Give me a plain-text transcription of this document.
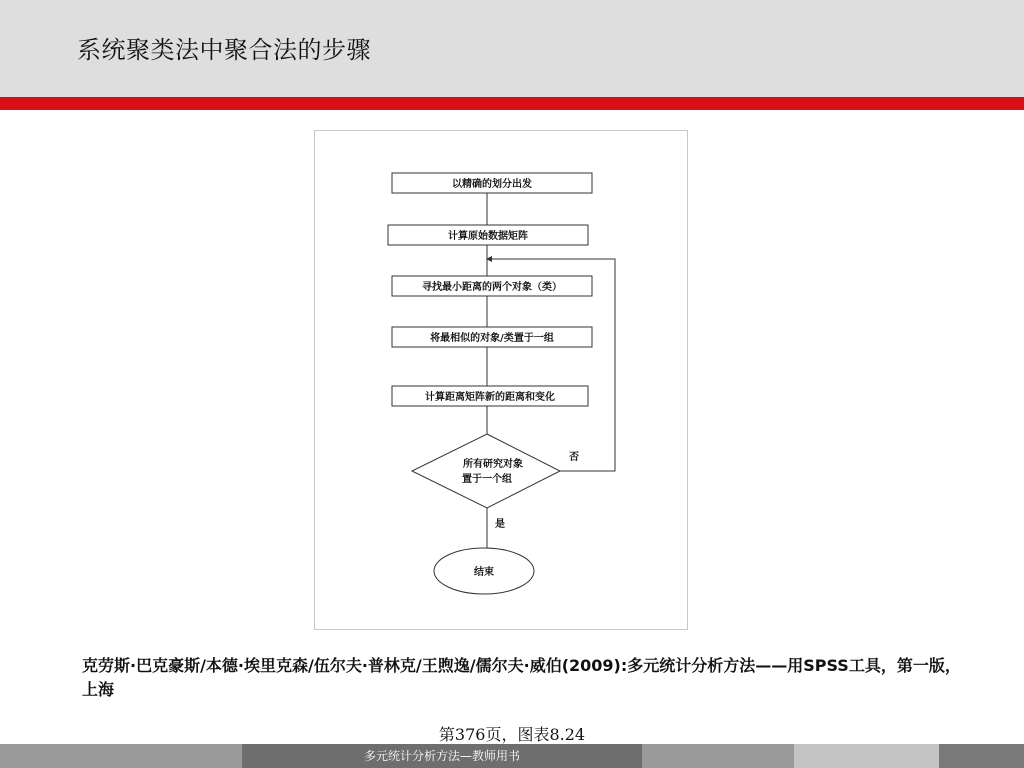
系统聚类法中聚合法的步骤
以精确的划分出发
计算原始数据矩阵
寻找最小距离的两个对象（类）
将最相似的对象/类置于一组
计算距离矩阵新的距离和变化
所有研究对象
置于一个组
否
是
结束
克劳斯·巴克豪斯/本德·埃里克森/伍尔夫·普林克/王煦逸/儒尔夫·威伯(2009):多元统计分析方法——用SPSS工具，第一版，上海
第376页，图表8.24
多元统计分析方法—教师用书
